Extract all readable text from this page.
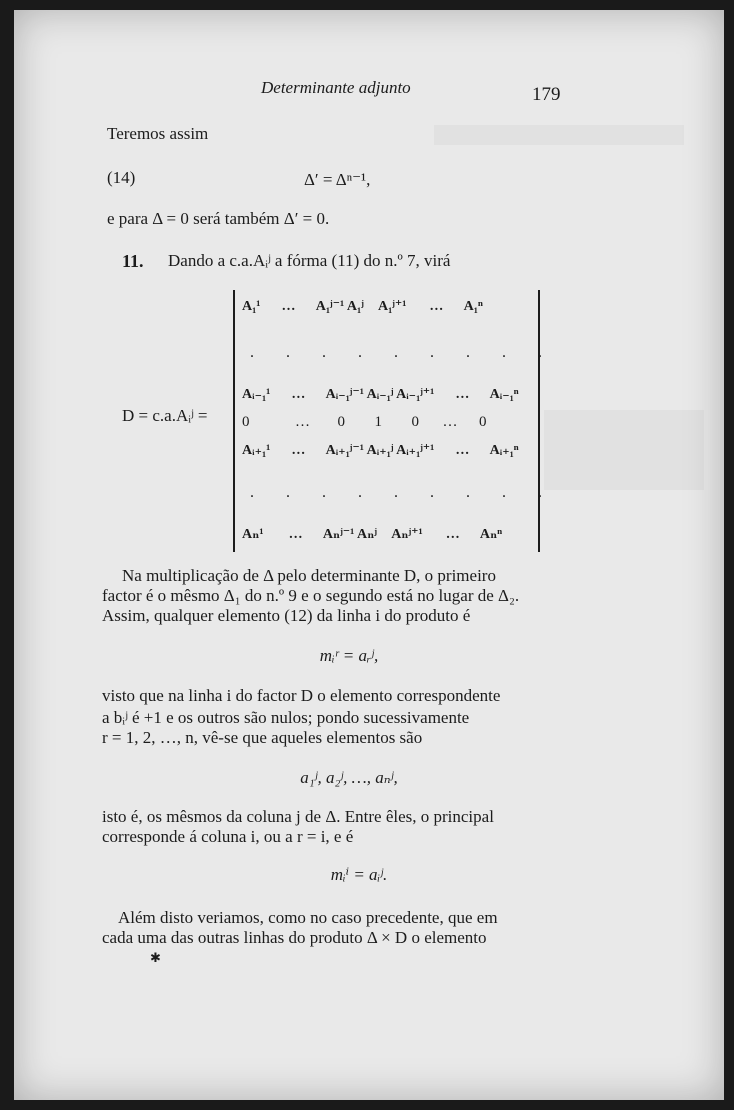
Determinante adjunto	179
Teremos assim
(14)	Δ′ = Δⁿ⁻¹,
e para Δ = 0 será também Δ′ = 0.
11. Dando a c.a.Aᵢʲ a fórma (11) do n.º 7, virá
D = c.a.Aᵢʲ =
A₁¹ … A₁ʲ⁻¹ A₁ʲ A₁ʲ⁺¹ … A₁ⁿ
. . . . . . . . .
Aᵢ₋₁¹ … Aᵢ₋₁ʲ⁻¹ Aᵢ₋₁ʲ Aᵢ₋₁ʲ⁺¹ … Aᵢ₋₁ⁿ
0	… 0 1 0 … 0
Aᵢ₊₁¹ … Aᵢ₊₁ʲ⁻¹ Aᵢ₊₁ʲ Aᵢ₊₁ʲ⁺¹ … Aᵢ₊₁ⁿ
. . . . . . . . .
Aₙ¹ … Aₙʲ⁻¹ Aₙʲ Aₙʲ⁺¹ … Aₙⁿ
Na multiplicação de Δ pelo determinante D, o primeiro
factor é o mêsmo Δ₁ do n.º 9 e o segundo está no lugar de Δ₂.
Assim, qualquer elemento (12) da linha i do produto é
mᵢʳ = aᵣʲ,
visto que na linha i do factor D o elemento correspondente
a bᵢʲ é +1 e os outros são nulos; pondo sucessivamente
r = 1, 2, …, n, vê-se que aqueles elementos são
a₁ʲ, a₂ʲ, …, aₙʲ,
isto é, os mêsmos da coluna j de Δ. Entre êles, o principal
corresponde á coluna i, ou a r = i, e é
mᵢⁱ = aᵢʲ.
Além disto veriamos, como no caso precedente, que em
cada uma das outras linhas do produto Δ × D o elemento
✱
